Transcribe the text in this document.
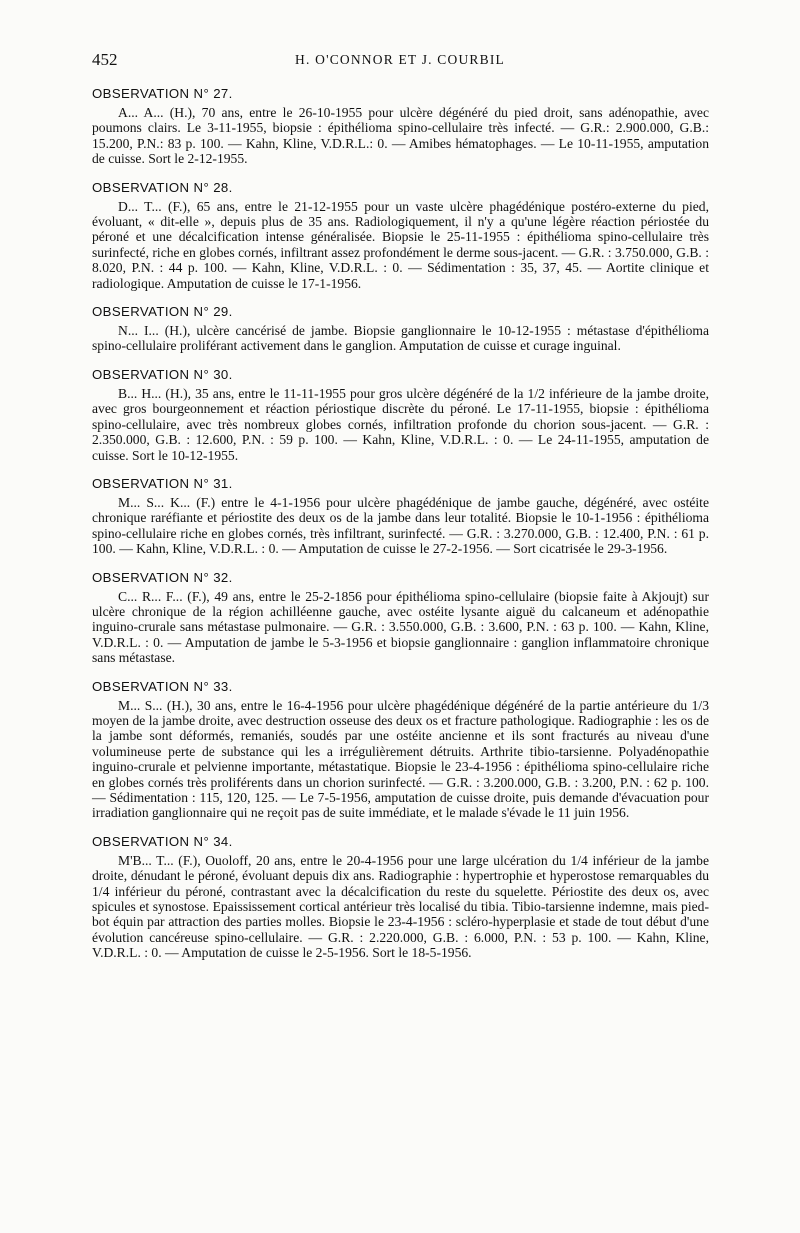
452	H. O'CONNOR ET J. COURBIL
OBSERVATION N° 27.

A... A... (H.), 70 ans, entre le 26-10-1955 pour ulcère dégénéré du pied droit, sans adénopathie, avec poumons clairs. Le 3-11-1955, biopsie : épithélioma spino-cellulaire très infecté. — G.R.: 2.900.000, G.B.: 15.200, P.N.: 83 p. 100. — Kahn, Kline, V.D.R.L.: 0. — Amibes hématophages. — Le 10-11-1955, amputation de cuisse. Sort le 2-12-1955.

OBSERVATION N° 28.

D... T... (F.), 65 ans, entre le 21-12-1955 pour un vaste ulcère phagédénique postéro-externe du pied, évoluant, « dit-elle », depuis plus de 35 ans. Radiologiquement, il n'y a qu'une légère réaction périostée du péroné et une décalcification intense généralisée. Biopsie le 25-11-1955 : épithélioma spino-cellulaire très surinfecté, riche en globes cornés, infiltrant assez profondément le derme sous-jacent. — G.R. : 3.750.000, G.B. : 8.020, P.N. : 44 p. 100. — Kahn, Kline, V.D.R.L. : 0. — Sédimentation : 35, 37, 45. — Aortite clinique et radiologique. Amputation de cuisse le 17-1-1956.

OBSERVATION N° 29.

N... I... (H.), ulcère cancérisé de jambe. Biopsie ganglionnaire le 10-12-1955 : métastase d'épithélioma spino-cellulaire proliférant activement dans le ganglion. Amputation de cuisse et curage inguinal.

OBSERVATION N° 30.

B... H... (H.), 35 ans, entre le 11-11-1955 pour gros ulcère dégénéré de la 1/2 inférieure de la jambe droite, avec gros bourgeonnement et réaction périostique discrète du péroné. Le 17-11-1955, biopsie : épithélioma spino-cellulaire, avec très nombreux globes cornés, infiltration profonde du chorion sous-jacent. — G.R. : 2.350.000, G.B. : 12.600, P.N. : 59 p. 100. — Kahn, Kline, V.D.R.L. : 0. — Le 24-11-1955, amputation de cuisse. Sort le 10-12-1955.

OBSERVATION N° 31.

M... S... K... (F.) entre le 4-1-1956 pour ulcère phagédénique de jambe gauche, dégénéré, avec ostéite chronique raréfiante et périostite des deux os de la jambe dans leur totalité. Biopsie le 10-1-1956 : épithélioma spino-cellulaire riche en globes cornés, très infiltrant, surinfecté. — G.R. : 3.270.000, G.B. : 12.400, P.N. : 61 p. 100. — Kahn, Kline, V.D.R.L. : 0. — Amputation de cuisse le 27-2-1956. — Sort cicatrisée le 29-3-1956.

OBSERVATION N° 32.

C... R... F... (F.), 49 ans, entre le 25-2-1856 pour épithélioma spino-cellulaire (biopsie faite à Akjoujt) sur ulcère chronique de la région achilléenne gauche, avec ostéite lysante aiguë du calcaneum et adénopathie inguino-crurale sans métastase pulmonaire. — G.R. : 3.550.000, G.B. : 3.600, P.N. : 63 p. 100. — Kahn, Kline, V.D.R.L. : 0. — Amputation de jambe le 5-3-1956 et biopsie ganglionnaire : ganglion inflammatoire chronique sans métastase.

OBSERVATION N° 33.

M... S... (H.), 30 ans, entre le 16-4-1956 pour ulcère phagédénique dégénéré de la partie antérieure du 1/3 moyen de la jambe droite, avec destruction osseuse des deux os et fracture pathologique. Radiographie : les os de la jambe sont déformés, remaniés, soudés par une ostéite ancienne et ils sont fracturés au niveau d'une volumineuse perte de substance qui les a irrégulièrement détruits. Arthrite tibio-tarsienne. Polyadénopathie inguino-crurale et pelvienne importante, métastatique. Biopsie le 23-4-1956 : épithélioma spino-cellulaire riche en globes cornés très proliférents dans un chorion surinfecté. — G.R. : 3.200.000, G.B. : 3.200, P.N. : 62 p. 100. — Sédimentation : 115, 120, 125. — Le 7-5-1956, amputation de cuisse droite, puis demande d'évacuation pour irradiation ganglionnaire qui ne reçoit pas de suite immédiate, et le malade s'évade le 11 juin 1956.

OBSERVATION N° 34.

M'B... T... (F.), Ouoloff, 20 ans, entre le 20-4-1956 pour une large ulcération du 1/4 inférieur de la jambe droite, dénudant le péroné, évoluant depuis dix ans. Radiographie : hypertrophie et hyperostose remarquables du 1/4 inférieur du péroné, contrastant avec la décalcification du reste du squelette. Périostite des deux os, avec spicules et synostose. Epaississement cortical antérieur très localisé du tibia. Tibio-tarsienne indemne, mais pied-bot équin par attraction des parties molles. Biopsie le 23-4-1956 : scléro-hyperplasie et stade de tout début d'une évolution cancéreuse spino-cellulaire. — G.R. : 2.220.000, G.B. : 6.000, P.N. : 53 p. 100. — Kahn, Kline, V.D.R.L. : 0. — Amputation de cuisse le 2-5-1956. Sort le 18-5-1956.
